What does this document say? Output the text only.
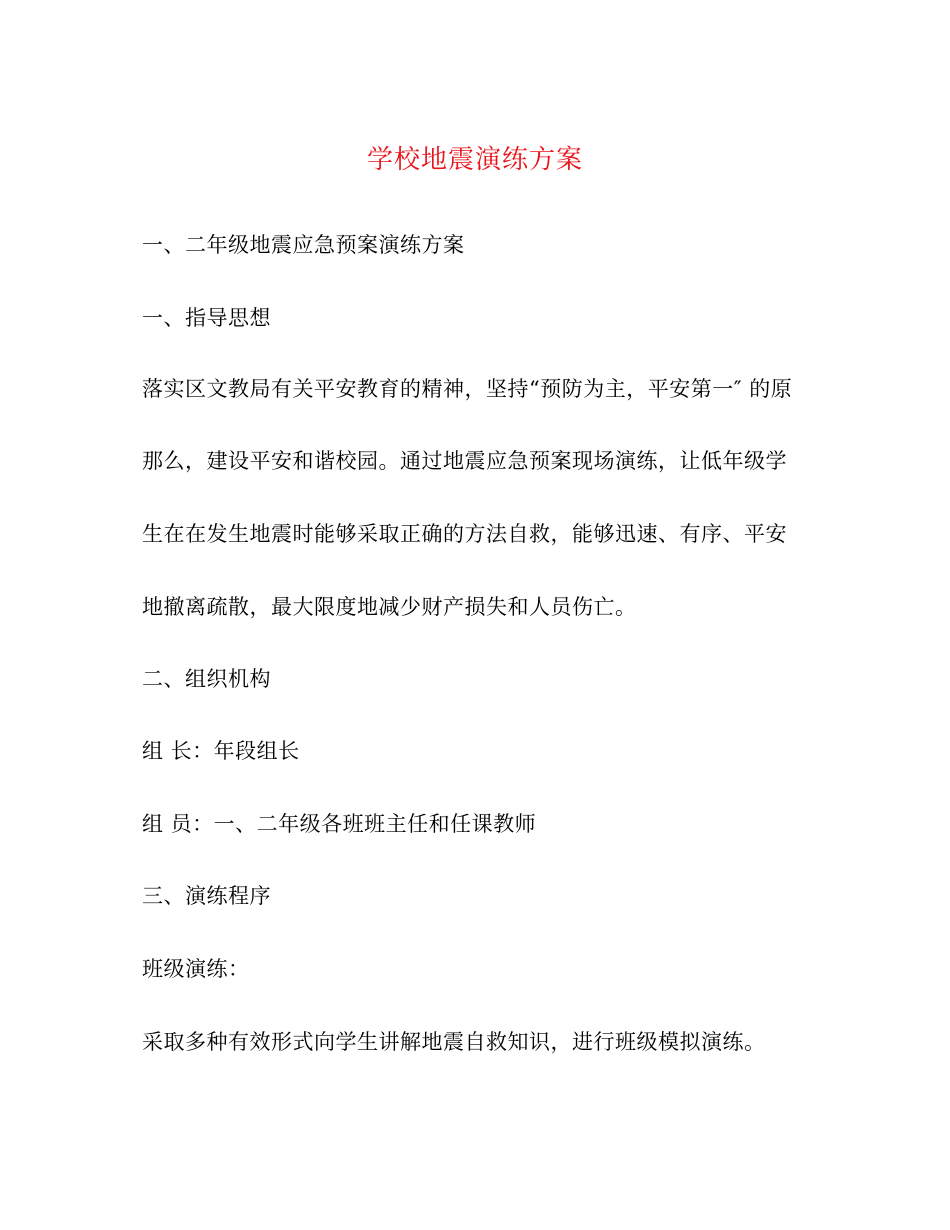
学校地震演练方案
一、二年级地震应急预案演练方案
一、指导思想
落实区文教局有关平安教育的精神，坚持“预防为主，平安第一″ 的原
那么，建设平安和谐校园。通过地震应急预案现场演练，让低年级学
生在在发生地震时能够采取正确的方法自救，能够迅速、有序、平安
地撤离疏散，最大限度地减少财产损失和人员伤亡。
二、组织机构
组 长：年段组长
组 员：一、二年级各班班主任和任课教师
三、演练程序
班级演练：
采取多种有效形式向学生讲解地震自救知识，进行班级模拟演练。
